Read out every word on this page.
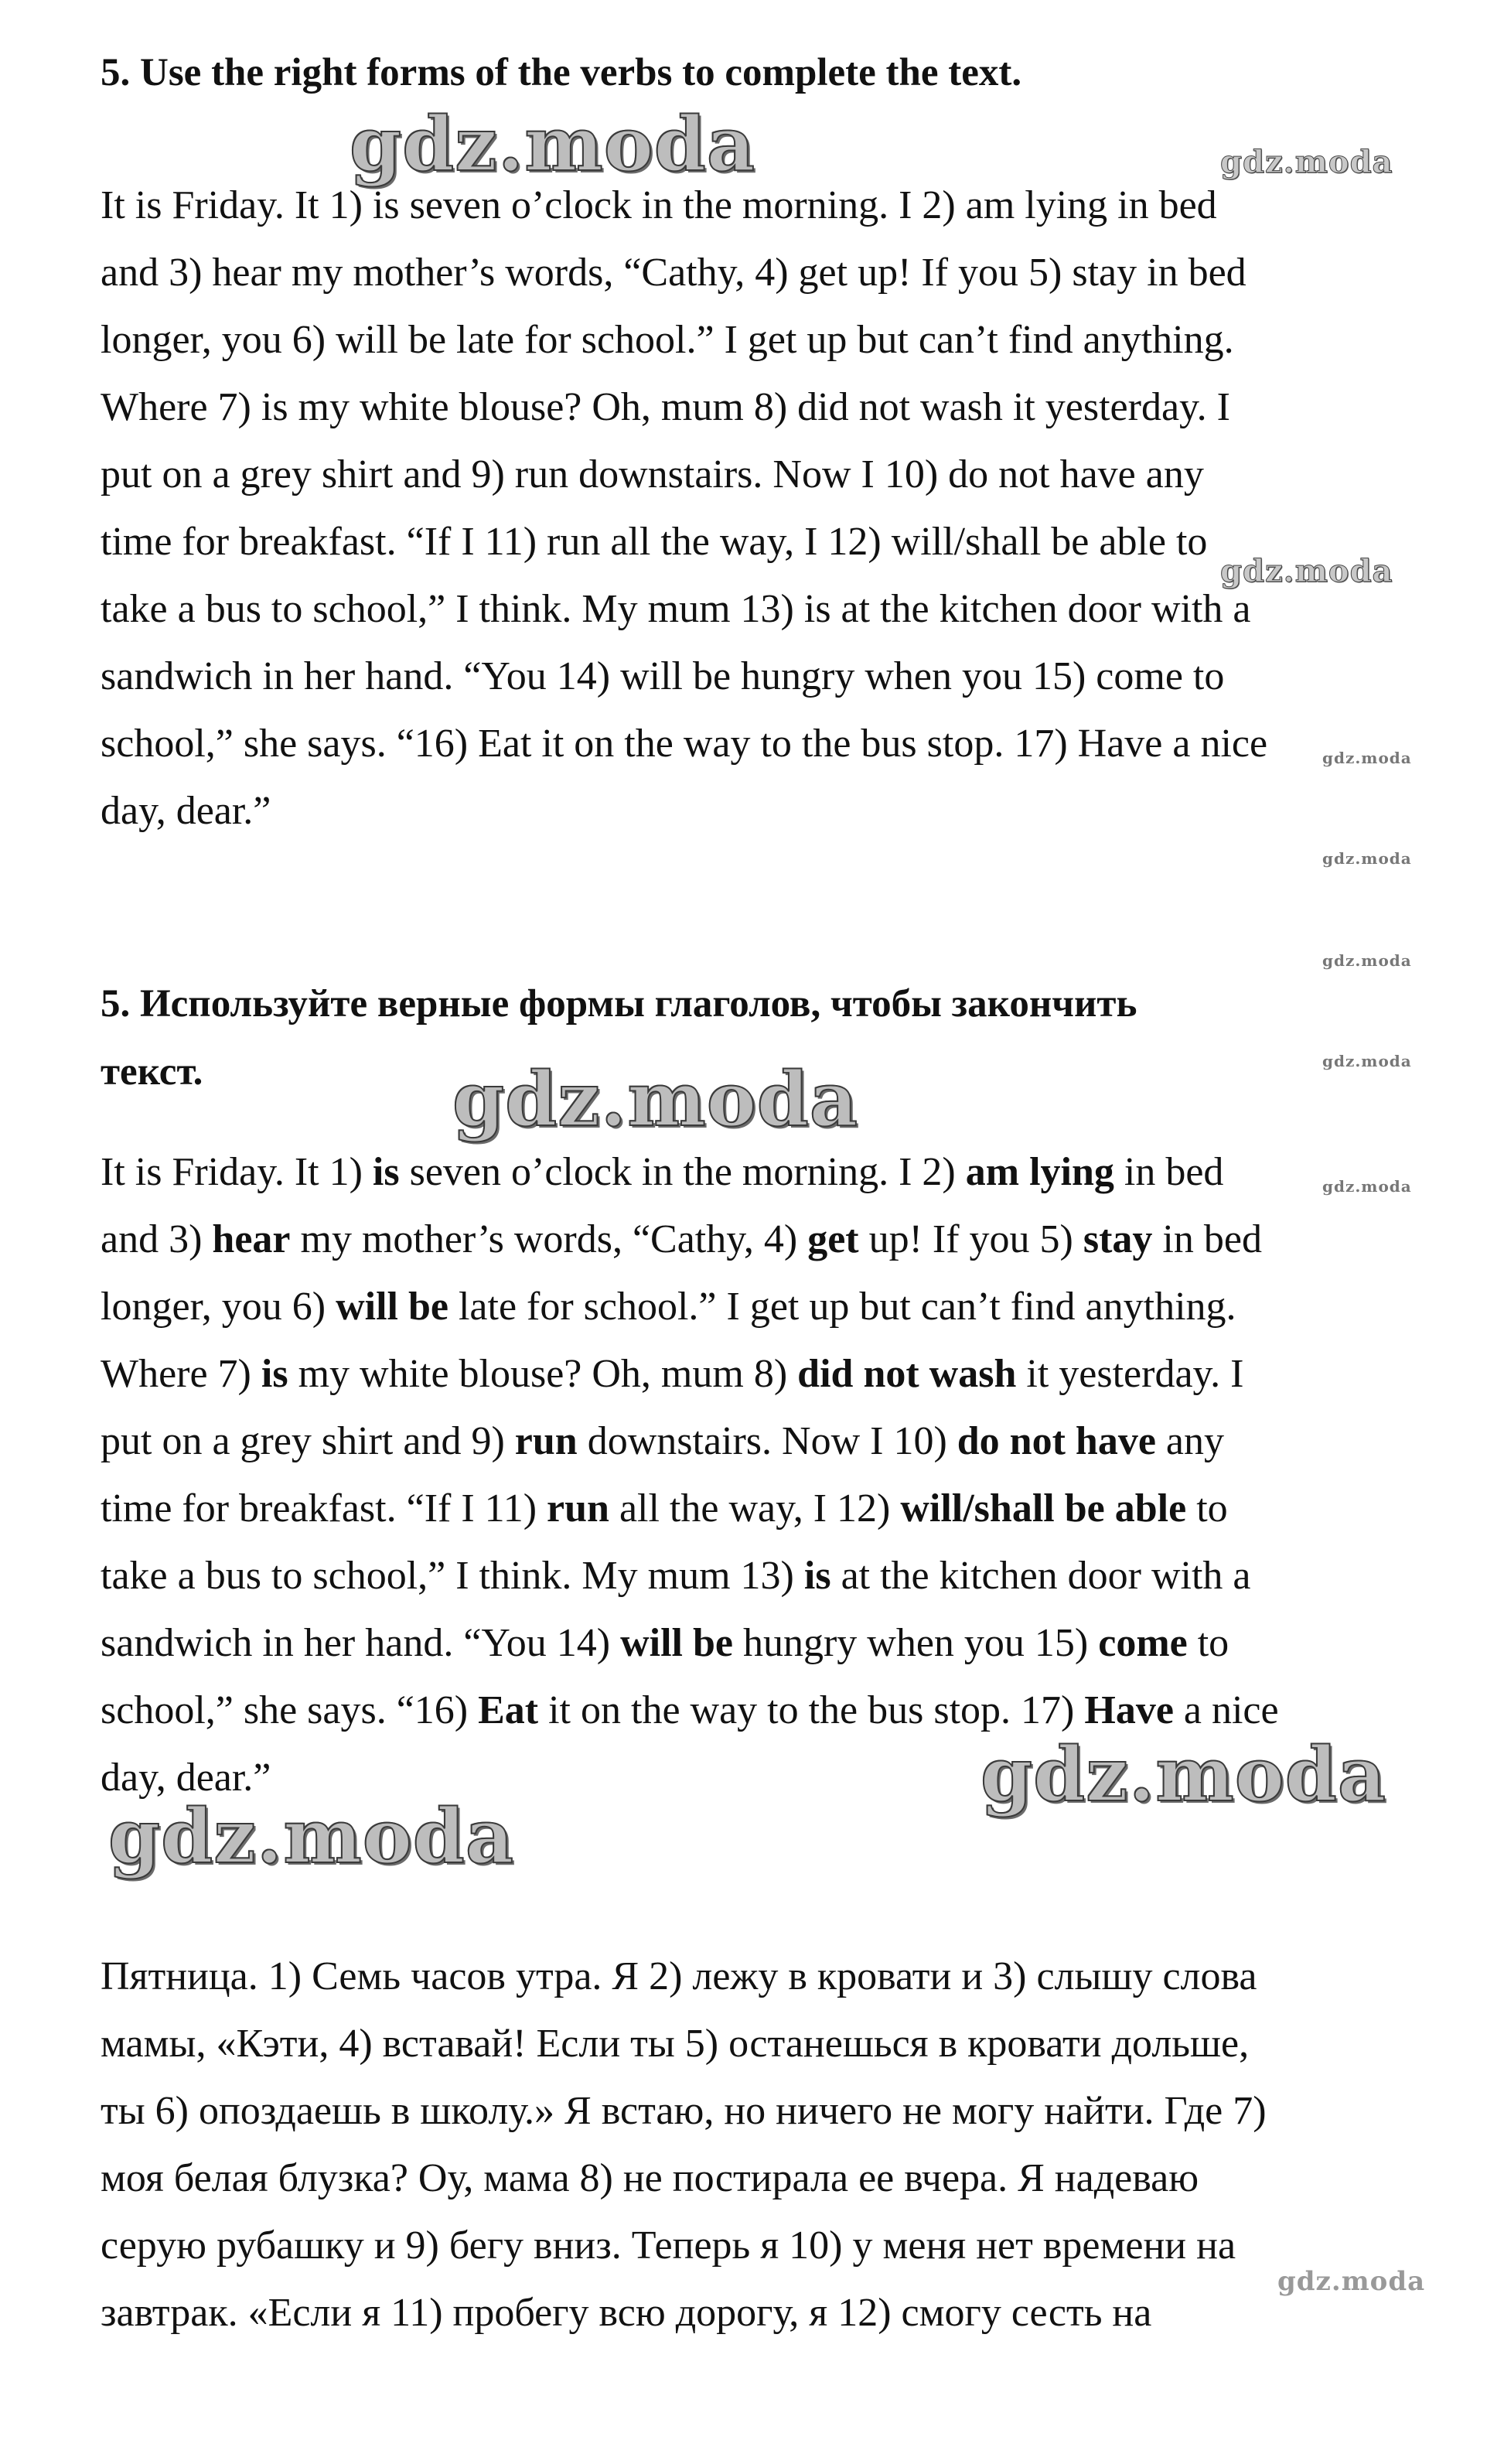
5. Use the right forms of the verbs to complete the text.
It is Friday. It 1) is seven o’clock in the morning. I 2) am lying in bed
and 3) hear my mother’s words, “Cathy, 4) get up! If you 5) stay in bed
longer, you 6) will be late for school.” I get up but can’t find anything.
Where 7) is my white blouse? Oh, mum 8) did not wash it yesterday. I
put on a grey shirt and 9) run downstairs. Now I 10) do not have any
time for breakfast. “If I 11) run all the way, I 12) will/shall be able to
take a bus to school,” I think. My mum 13) is at the kitchen door with a
sandwich in her hand. “You 14) will be hungry when you 15) come to
school,” she says. “16) Eat it on the way to the bus stop. 17) Have a nice
day, dear.”
5. Используйте верные формы глаголов, чтобы закончить
текст.
It is Friday. It 1) is seven o’clock in the morning. I 2) am lying in bed
and 3) hear my mother’s words, “Cathy, 4) get up! If you 5) stay in bed
longer, you 6) will be late for school.” I get up but can’t find anything.
Where 7) is my white blouse? Oh, mum 8) did not wash it yesterday. I
put on a grey shirt and 9) run downstairs. Now I 10) do not have any
time for breakfast. “If I 11) run all the way, I 12) will/shall be able to
take a bus to school,” I think. My mum 13) is at the kitchen door with a
sandwich in her hand. “You 14) will be hungry when you 15) come to
school,” she says. “16) Eat it on the way to the bus stop. 17) Have a nice
day, dear.”
Пятница. 1) Семь часов утра. Я 2) лежу в кровати и 3) слышу слова
мамы, «Кэти, 4) вставай! Если ты 5) останешься в кровати дольше,
ты 6) опоздаешь в школу.» Я встаю, но ничего не могу найти. Где 7)
моя белая блузка? Оу, мама 8) не постирала ее вчера. Я надеваю
серую рубашку и 9) бегу вниз. Теперь я 10) у меня нет времени на
завтрак. «Если я 11) пробегу всю дорогу, я 12) смогу сесть на
gdz.moda	gdz.moda
gdz.moda
gdz.moda
gdz.moda
gdz.moda
gdz.moda
gdz.moda
gdz.moda
gdz.moda
gdz.moda
gdz.moda
